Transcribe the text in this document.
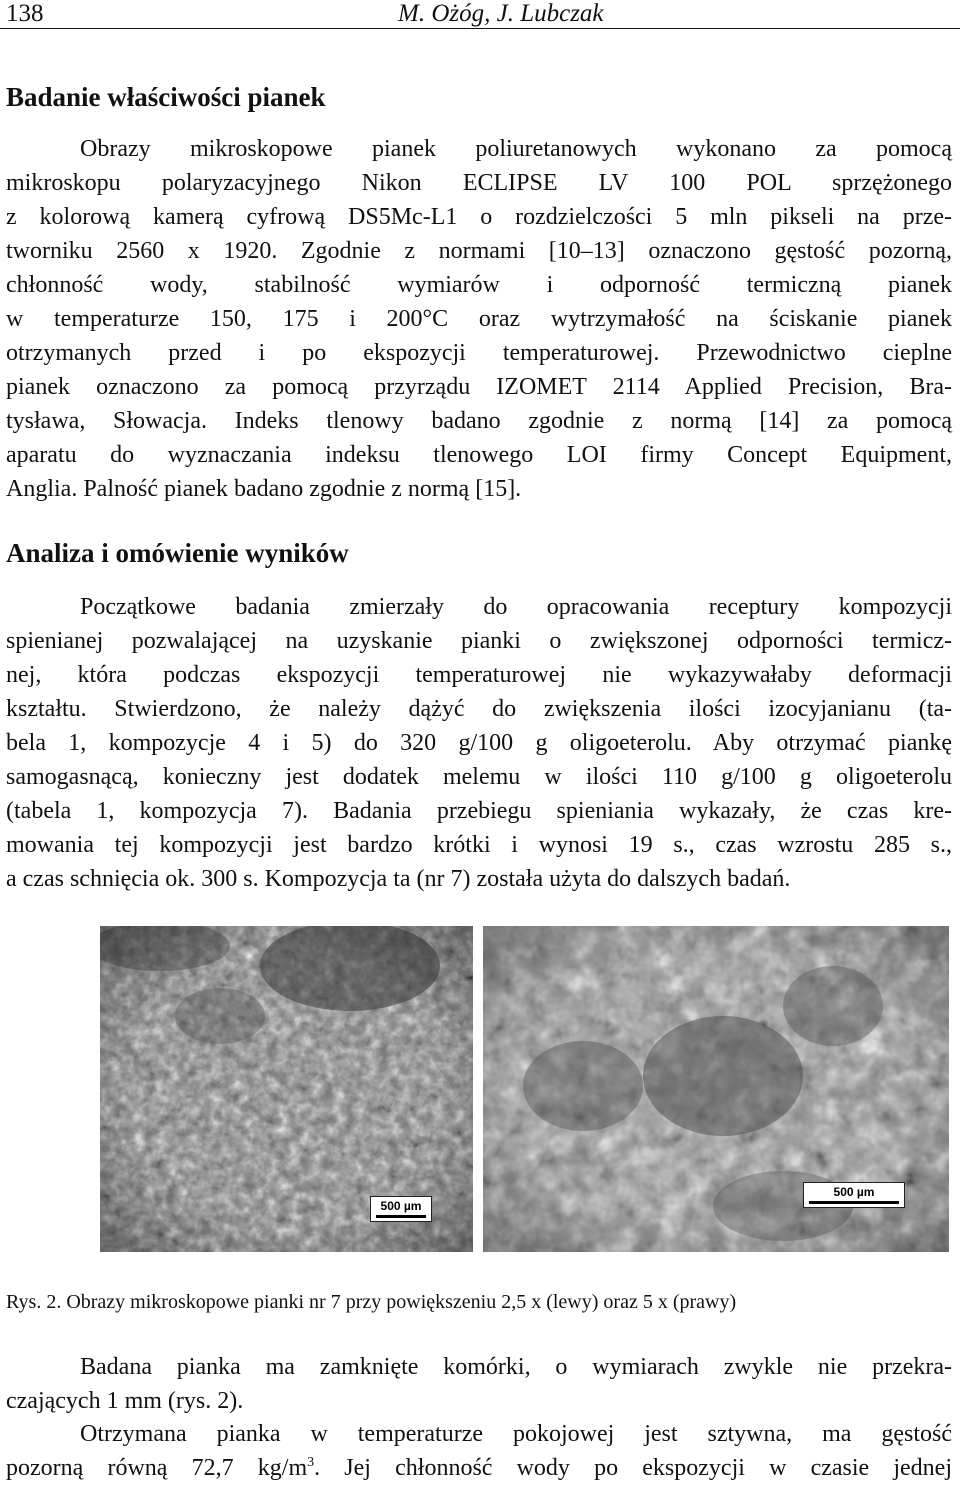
138	M. Ożóg, J. Lubczak
Badanie właściwości pianek
Obrazy mikroskopowe pianek poliuretanowych wykonano za pomocą
mikroskopu polaryzacyjnego Nikon ECLIPSE LV 100 POL sprzężonego
z kolorową kamerą cyfrową DS5Mc-L1 o rozdzielczości 5 mln pikseli na prze-
tworniku 2560 x 1920. Zgodnie z normami [10–13] oznaczono gęstość pozorną,
chłonność wody, stabilność wymiarów i odporność termiczną pianek
w temperaturze 150, 175 i 200°C oraz wytrzymałość na ściskanie pianek
otrzymanych przed i po ekspozycji temperaturowej. Przewodnictwo cieplne
pianek oznaczono za pomocą przyrządu IZOMET 2114 Applied Precision, Bra-
tysława, Słowacja. Indeks tlenowy badano zgodnie z normą [14] za pomocą
aparatu do wyznaczania indeksu tlenowego LOI firmy Concept Equipment,
Anglia. Palność pianek badano zgodnie z normą [15].
Analiza i omówienie wyników
Początkowe badania zmierzały do opracowania receptury kompozycji
spienianej pozwalającej na uzyskanie pianki o zwiększonej odporności termicz-
nej, która podczas ekspozycji temperaturowej nie wykazywałaby deformacji
kształtu. Stwierdzono, że należy dążyć do zwiększenia ilości izocyjanianu (ta-
bela 1, kompozycje 4 i 5) do 320 g/100 g oligoeterolu. Aby otrzymać piankę
samogasnącą, konieczny jest dodatek melemu w ilości 110 g/100 g oligoeterolu
(tabela 1, kompozycja 7). Badania przebiegu spieniania wykazały, że czas kre-
mowania tej kompozycji jest bardzo krótki i wynosi 19 s., czas wzrostu 285 s.,
a czas schnięcia ok. 300 s. Kompozycja ta (nr 7) została użyta do dalszych badań.
500 µm
500 µm
Rys. 2. Obrazy mikroskopowe pianki nr 7 przy powiększeniu 2,5 x (lewy) oraz 5 x (prawy)
Badana pianka ma zamknięte komórki, o wymiarach zwykle nie przekra-
czających 1 mm (rys. 2).
Otrzymana pianka w temperaturze pokojowej jest sztywna, ma gęstość
pozorną równą 72,7 $kg/m^3$. Jej chłonność wody po ekspozycji w czasie jednej
